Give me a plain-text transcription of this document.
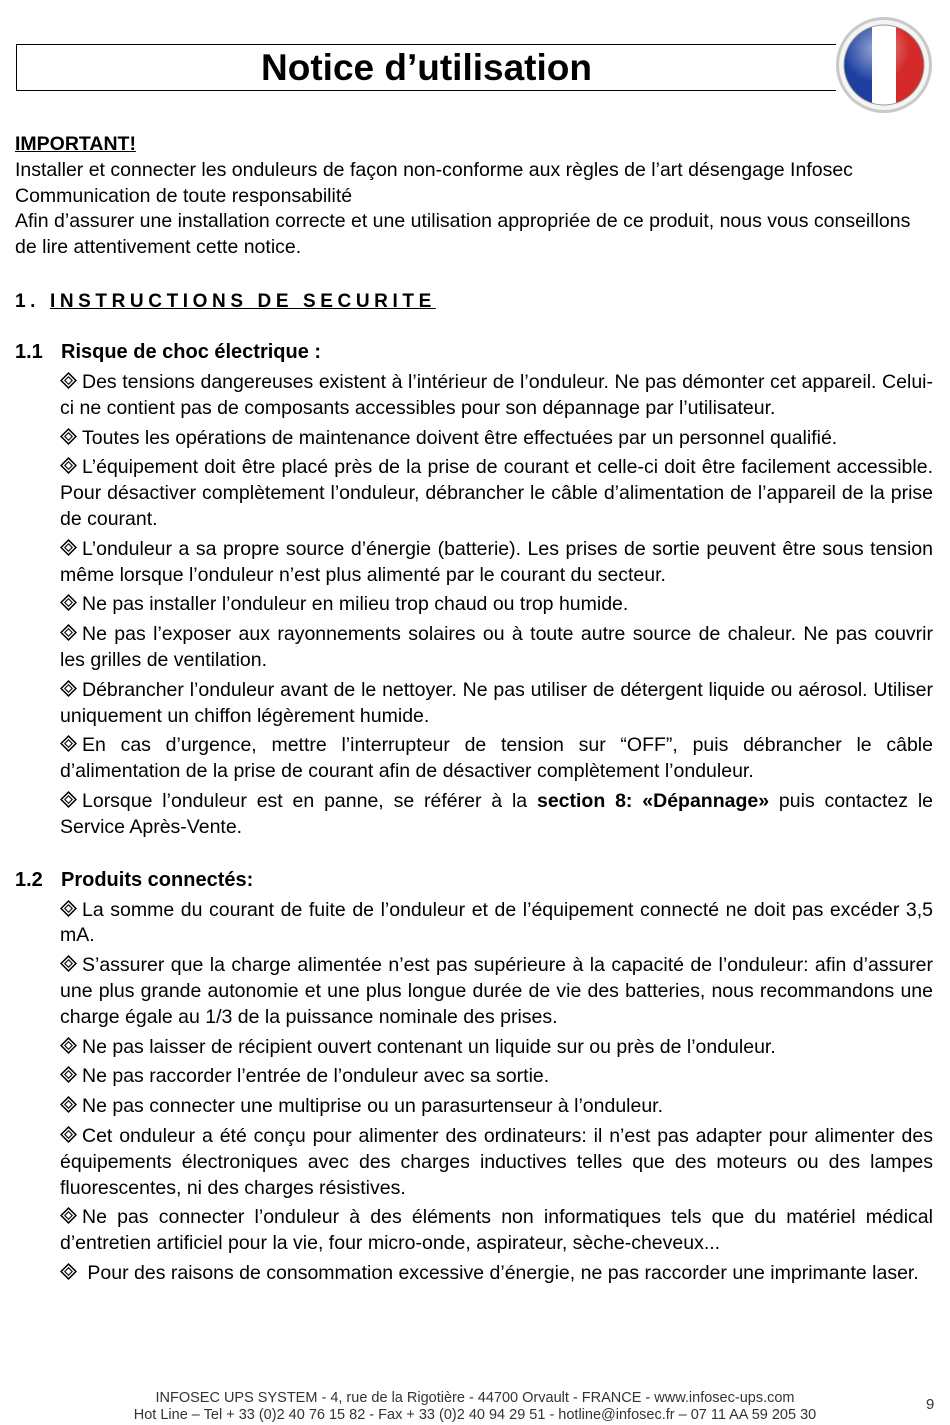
Notice d’utilisation

IMPORTANT!

Installer et connecter les onduleurs de façon non-conforme aux règles de l’art désengage Infosec Communication de toute responsabilité

Afin d’assurer une installation correcte et une utilisation appropriée de ce produit, nous vous conseillons de lire attentivement cette notice.

1. INSTRUCTIONS DE SECURITE
1.1 Risque de choc électrique :
Des tensions dangereuses existent à l’intérieur de l’onduleur. Ne pas démonter cet appareil. Celui-ci ne contient pas de composants accessibles pour son dépannage par l’utilisateur.
Toutes les opérations de maintenance doivent être effectuées par un personnel qualifié.
L’équipement doit être placé près de la prise de courant et celle-ci doit être facilement accessible. Pour désactiver complètement l’onduleur, débrancher le câble d’alimentation de l’appareil de la prise de courant.
L’onduleur a sa propre source d’énergie (batterie). Les prises de sortie peuvent être sous tension même lorsque l’onduleur n’est plus alimenté par le courant du secteur.
Ne pas installer l’onduleur en milieu trop chaud ou trop humide.
Ne pas l’exposer aux rayonnements solaires ou à toute autre source de chaleur. Ne pas couvrir les grilles de ventilation.
Débrancher l’onduleur avant de le nettoyer. Ne pas utiliser de détergent liquide ou aérosol. Utiliser uniquement un chiffon légèrement humide.
En cas d’urgence, mettre l’interrupteur de tension sur “OFF”, puis débrancher le câble d’alimentation de la prise de courant afin de désactiver complètement l’onduleur.
Lorsque l’onduleur est en panne, se référer à la section 8: «Dépannage» puis contactez le Service Après-Vente.
1.2 Produits connectés:
La somme du courant de fuite de l’onduleur et de l’équipement connecté ne doit pas excéder 3,5 mA.
S’assurer que la charge alimentée n’est pas supérieure à la capacité de l’onduleur: afin d’assurer une plus grande autonomie et une plus longue durée de vie des batteries, nous recommandons une charge égale au 1/3 de la puissance nominale des prises.
Ne pas laisser de récipient ouvert contenant un liquide sur ou près de l’onduleur.
Ne pas raccorder l’entrée de l’onduleur avec sa sortie.
Ne pas connecter une multiprise ou un parasurtenseur à l’onduleur.
Cet onduleur a été conçu pour alimenter des ordinateurs: il n’est pas adapter pour alimenter des équipements électroniques avec des charges inductives telles que des moteurs ou des lampes fluorescentes, ni des charges résistives.
Ne pas connecter l’onduleur à des éléments non informatiques tels que du matériel médical d’entretien artificiel pour la vie, four micro-onde, aspirateur, sèche-cheveux...
Pour des raisons de consommation excessive d’énergie, ne pas raccorder une imprimante laser.
INFOSEC UPS SYSTEM - 4, rue de la Rigotière - 44700 Orvault - FRANCE - www.infosec-ups.com
Hot Line – Tel + 33 (0)2 40 76 15 82 - Fax + 33 (0)2 40 94 29 51 - hotline@infosec.fr – 07 11 AA 59 205 30
9
